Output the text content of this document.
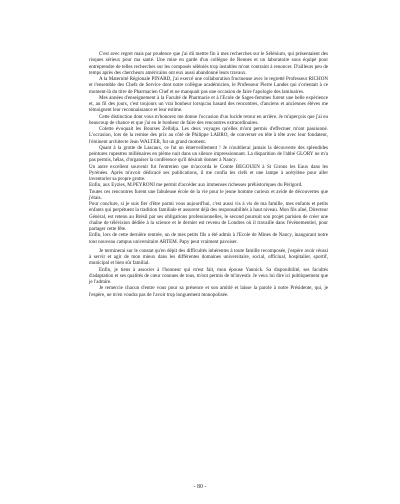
C'est avec regret mais par prudence que j'ai dû mettre fin à mes recherches sur le Sélénium, qui présentaient des risques sérieux pour ma santé. Une mise en garde d'un collègue de Rennes et un laboratoire sous équipé pour entreprendre de telles recherches sur les composés séléniés trop instables m'ont contraint à renoncer. D'ailleurs peu de temps après des chercheurs américains ont eux aussi abandonné leurs travaux.

A la Maternité Régionale PINARD, j'ai exercé une collaboration fructueuse avec le regretté Professeur RICHON et l'ensemble des Chefs de Service dont notre collègue académicien, le Professeur Pierre Landes qui s'orientait à ce moment-là du titre de Pharmacien Chef et ne manquait pas une occasion de faire l'apologie des laminaires.

Mes années d'enseignement à la Faculté de Pharmacie et à l'Ecole de Sages-femmes furent une belle expérience et, au fil des jours, c'est toujours un vrai bonheur lorsqu'au hasard des rencontres, d'anciens et anciennes élèves me témoignent leur reconnaissance et leur estime.

Cette distinction dont vous m'honorez me donne l'occasion d'un lucide retour en arrière. Je m'aperçois que j'ai eu beaucoup de chance et que j'ai eu le bonheur de faire des rencontres extraordinaires.

Colette évoquait les Bourses Zellidja. Les deux voyages qu'elles m'ont permis d'effectuer m'ont passionné. L'occasion, lors de la remise des prix au côté de Philippe LABRO, de converser en tête à tête avec leur fondateur, l'éminent architecte Jean WALTER, fut un grand moment.

Quant à la grotte de Lascaux, ce fut un émerveillement ! Je n'oublierai jamais la découverte des splendides peintures rupestres millénaires en plème nuit dans un silence impressionnant. La disparition de l'abbé GLORY ne m'a pas permis, hélas, d'organiser la conférence qu'il désirait donner à Nancy.

Un autre excellent souvenir fut l'entretien que m'accorda le Comte BEGOUEN à St Girons les Eaux dans les Pyrénées. Après m'avoir dédicacé ses publications, il me confia les clefs et une lampe à acétylène pour aller inventorier sa propre grotte.

Enfin, aux Eyzies, M.PEYRONI me permit d'accéder aux immenses richesses préhistoriques du Périgord.

Toutes ces rencontres furent une fabuleuse école de la vie pour le jeune homme curieux et avide de découvertes que j'étais.

Pour conclure, si je suis fier d'être parmi vous aujourd'hui, c'est aussi vis à vis de ma famille, mes enfants et petits enfants qui perpétuent la tradition familiale et assurent déjà des responsabilités à haut niveau. Mon fils aîné, Directeur Général, est retenu au Brésil par ses obligations professionnelles, le second poursuit son projet parisien de créer une chaîne de télévision dédiée à la science et le dernier est revenu de Londres où il travaille dans l'événementiel, pour partager cette fête.

Enfin, lors de cette dernière rentrée, un de mes petits fils a été admis à l'Ecole de Mines de Nancy, inaugurant notre tout nouveau campus universitaire ARTEM. Papy peut vraiment pavoiser.

Je terminerai sur le constat qu'en dépit des difficultés inhérentes à toute famille recomposée, j'espère avoir réussi à servir et agir de mon mieux dans les différentes domaines universitaire, social, officinal, hospitalier, sportif, municipal et bien sûr familial.

Enfin, je tiens à associer à l'honneur qui m'est fait, mon épouse Yannick. Sa disponibilité, ses facultés d'adaptation et ses qualités de cœur connues de tous, m'ont permis de m'investir. Je veux lui dire ici publiquement que je l'admire.

Je remercie chacun d'entre vous pour sa présence et son amitié et laisse la parole à notre Présidente, qui, je l'espère, ne m'en voudra pas de l'avoir trop longuement monopolisée.

- 80 -
